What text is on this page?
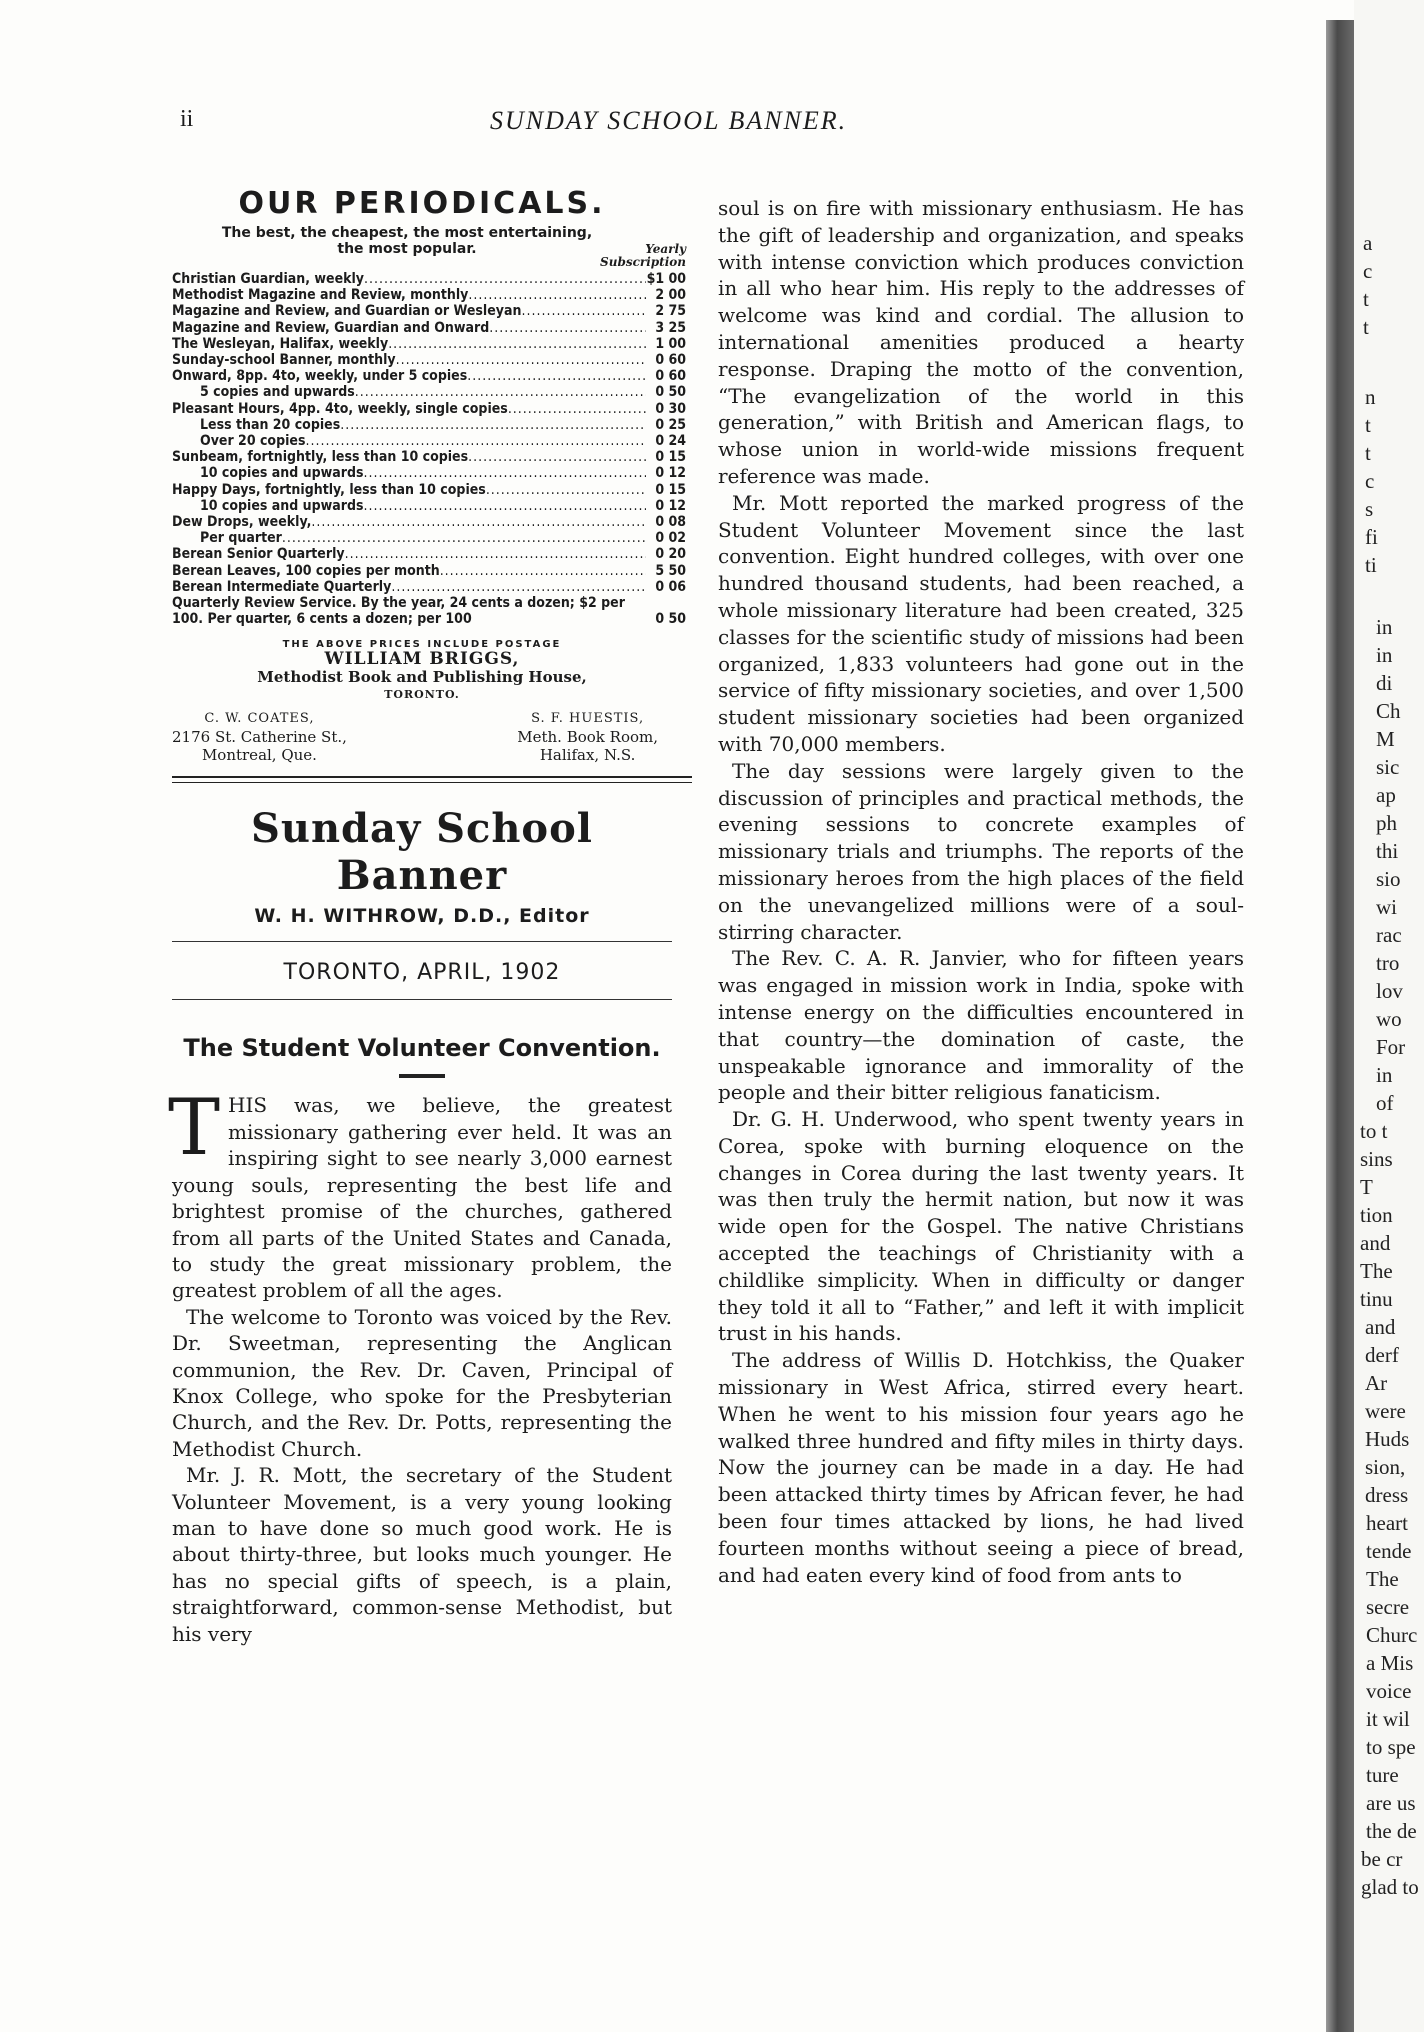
a
c
t
t
n
t
t
c
s
fi
ti
in
in
di
Ch
M
sic
ap
ph
thi
sio
wi
rac
tro
lov
wo
For
in
of
to t
sins
T
tion
and
The
tinu
and
derf
Ar
were
Huds
sion,
dress
heart
tende
The
secre
Churc
a Mis
voice
it wil
to spe
ture
are us
the de
be cr
glad to
ii	SUNDAY SCHOOL BANNER.
OUR PERIODICALS.
The best, the cheapest, the most entertaining,
the most popular.	Yearly
Subscription
Christian Guardian, weekly .....	$1 00
Methodist Magazine and Review, monthly .....	2 00
Magazine and Review, and Guardian or Wesleyan .....	2 75
Magazine and Review, Guardian and Onward .....	3 25
The Wesleyan, Halifax, weekly .....	1 00
Sunday-school Banner, monthly .....	0 60
Onward, 8pp. 4to, weekly, under 5 copies .....	0 60
5 copies and upwards .....	0 50
Pleasant Hours, 4pp. 4to, weekly, single copies .....	0 30
Less than 20 copies .....	0 25
Over 20 copies .....	0 24
Sunbeam, fortnightly, less than 10 copies .....	0 15
10 copies and upwards .....	0 12
Happy Days, fortnightly, less than 10 copies .....	0 15
10 copies and upwards .....	0 12
Dew Drops, weekly, .....	0 08
Per quarter .....	0 02
Berean Senior Quarterly .....	0 20
Berean Leaves, 100 copies per month .....	5 50
Berean Intermediate Quarterly .....	0 06
Quarterly Review Service. By the year, 24 cents a dozen; $2 per 100. Per quarter, 6 cents a dozen; per 100	0 50
THE ABOVE PRICES INCLUDE POSTAGE
WILLIAM BRIGGS,
Methodist Book and Publishing House,
TORONTO.
C. W. COATES,
2176 St. Catherine St.,
Montreal, Que.
S. F. HUESTIS,
Meth. Book Room,
Halifax, N.S.
Sunday School Banner
W. H. WITHROW, D.D., Editor
TORONTO, APRIL, 1902
The Student Volunteer Convention.

THIS was, we believe, the greatest missionary gathering ever held. It was an inspiring sight to see nearly 3,000 earnest young souls, representing the best life and brightest promise of the churches, gathered from all parts of the United States and Canada, to study the great missionary problem, the greatest problem of all the ages.

The welcome to Toronto was voiced by the Rev. Dr. Sweetman, representing the Anglican communion, the Rev. Dr. Caven, Principal of Knox College, who spoke for the Presbyterian Church, and the Rev. Dr. Potts, representing the Methodist Church.

Mr. J. R. Mott, the secretary of the Student Volunteer Movement, is a very young looking man to have done so much good work. He is about thirty-three, but looks much younger. He has no special gifts of speech, is a plain, straightforward, common-sense Methodist, but his very

soul is on fire with missionary enthusiasm. He has the gift of leadership and organization, and speaks with intense conviction which produces conviction in all who hear him. His reply to the addresses of welcome was kind and cordial. The allusion to international amenities produced a hearty response. Draping the motto of the convention, “The evangelization of the world in this generation,” with British and American flags, to whose union in world-wide missions frequent reference was made.

Mr. Mott reported the marked progress of the Student Volunteer Movement since the last convention. Eight hundred colleges, with over one hundred thousand students, had been reached, a whole missionary literature had been created, 325 classes for the scientific study of missions had been organized, 1,833 volunteers had gone out in the service of fifty missionary societies, and over 1,500 student missionary societies had been organized with 70,000 members.

The day sessions were largely given to the discussion of principles and practical methods, the evening sessions to concrete examples of missionary trials and triumphs. The reports of the missionary heroes from the high places of the field on the unevangelized millions were of a soul-stirring character.

The Rev. C. A. R. Janvier, who for fifteen years was engaged in mission work in India, spoke with intense energy on the difficulties encountered in that country—the domination of caste, the unspeakable ignorance and immorality of the people and their bitter religious fanaticism.

Dr. G. H. Underwood, who spent twenty years in Corea, spoke with burning eloquence on the changes in Corea during the last twenty years. It was then truly the hermit nation, but now it was wide open for the Gospel. The native Christians accepted the teachings of Christianity with a childlike simplicity. When in difficulty or danger they told it all to “Father,” and left it with implicit trust in his hands.

The address of Willis D. Hotchkiss, the Quaker missionary in West Africa, stirred every heart. When he went to his mission four years ago he walked three hundred and fifty miles in thirty days. Now the journey can be made in a day. He had been attacked thirty times by African fever, he had been four times attacked by lions, he had lived fourteen months without seeing a piece of bread, and had eaten every kind of food from ants to
